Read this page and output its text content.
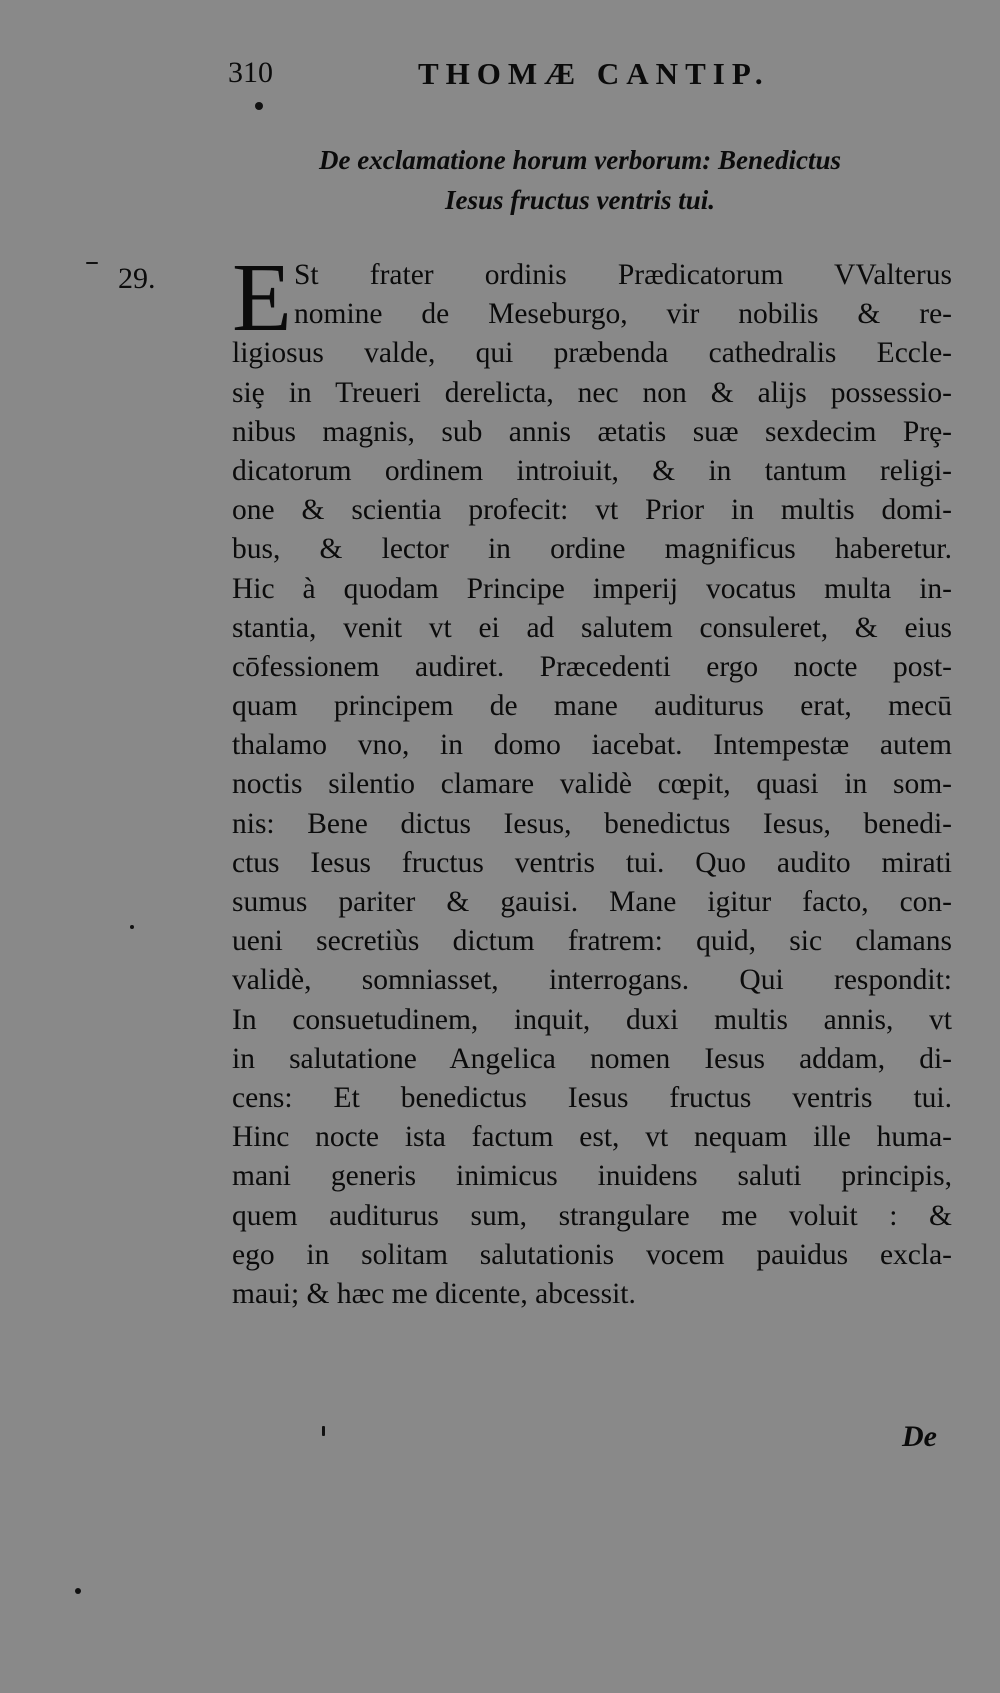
310	THOMÆ CANTIP.
De exclamatione horum verborum: Benedictus
Iesus fructus ventris tui.
29. E St frater ordinis Prædicatorum VValterus
nomine de Meseburgo, vir nobilis & re-
ligiosus valde, qui præbenda cathedralis Eccle-
siȩ in Treueri derelicta, nec non & alijs possessio-
nibus magnis, sub annis ætatis suæ sexdecim Prȩ-
dicatorum ordinem introiuit, & in tantum religi-
one & scientia profecit: vt Prior in multis domi-
bus, & lector in ordine magnificus haberetur.
Hic à quodam Principe imperij vocatus multa in-
stantia, venit vt ei ad salutem consuleret, & eius
cōfessionem audiret. Præcedenti ergo nocte post-
quam principem de mane auditurus erat, mecū
thalamo vno, in domo iacebat. Intempestæ autem
noctis silentio clamare validè cœpit, quasi in som-
nis: Bene dictus Iesus, benedictus Iesus, benedi-
ctus Iesus fructus ventris tui. Quo audito mirati
sumus pariter & gauisi. Mane igitur facto, con-
ueni secretiùs dictum fratrem: quid, sic clamans
validè, somniasset, interrogans. Qui respondit:
In consuetudinem, inquit, duxi multis annis, vt
in salutatione Angelica nomen Iesus addam, di-
cens: Et benedictus Iesus fructus ventris tui.
Hinc nocte ista factum est, vt nequam ille huma-
mani generis inimicus inuidens saluti principis,
quem auditurus sum, strangulare me voluit : &
ego in solitam salutationis vocem pauidus excla-
maui; & hæc me dicente, abcessit.
De
